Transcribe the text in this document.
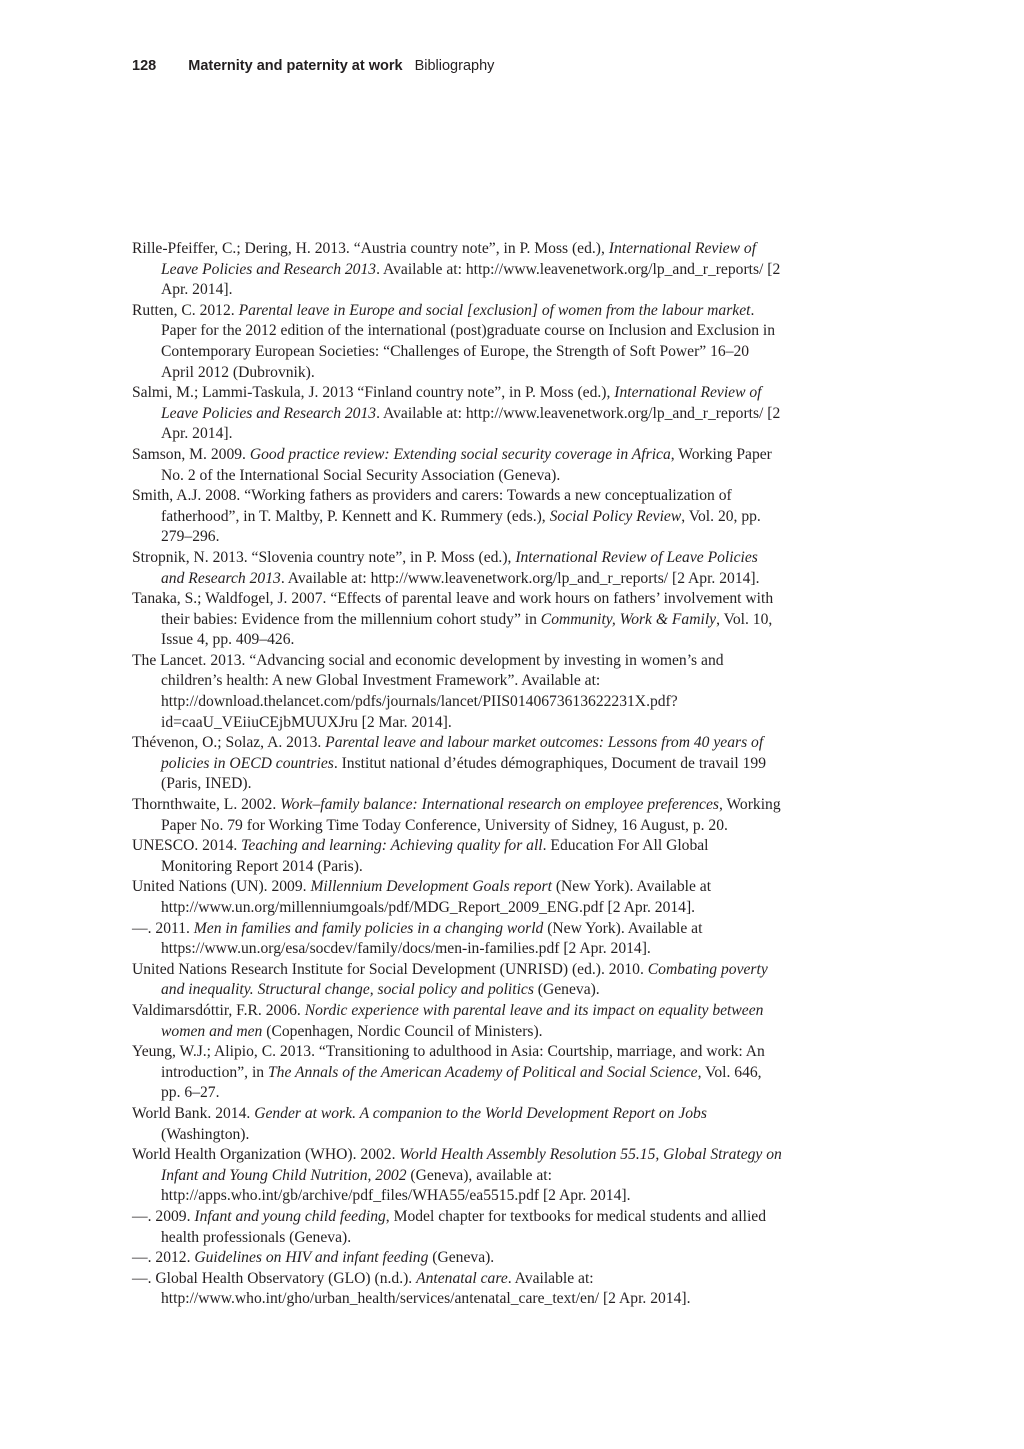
128 Maternity and paternity at work Bibliography

Rille-Pfeiffer, C.; Dering, H. 2013. “Austria country note”, in P. Moss (ed.), International Review of Leave Policies and Research 2013. Available at: http://www.leavenetwork.org/lp_and_r_reports/ [2 Apr. 2014].

Rutten, C. 2012. Parental leave in Europe and social [exclusion] of women from the labour market. Paper for the 2012 edition of the international (post)graduate course on Inclusion and Exclusion in Contemporary European Societies: “Challenges of Europe, the Strength of Soft Power” 16–20 April 2012 (Dubrovnik).

Salmi, M.; Lammi-Taskula, J. 2013 “Finland country note”, in P. Moss (ed.), International Review of Leave Policies and Research 2013. Available at: http://www.leavenetwork.org/lp_and_r_reports/ [2 Apr. 2014].

Samson, M. 2009. Good practice review: Extending social security coverage in Africa, Working Paper No. 2 of the International Social Security Association (Geneva).

Smith, A.J. 2008. “Working fathers as providers and carers: Towards a new conceptualization of fatherhood”, in T. Maltby, P. Kennett and K. Rummery (eds.), Social Policy Review, Vol. 20, pp. 279–296.

Stropnik, N. 2013. “Slovenia country note”, in P. Moss (ed.), International Review of Leave Policies and Research 2013. Available at: http://www.leavenetwork.org/lp_and_r_reports/ [2 Apr. 2014].

Tanaka, S.; Waldfogel, J. 2007. “Effects of parental leave and work hours on fathers’ involvement with their babies: Evidence from the millennium cohort study” in Community, Work & Family, Vol. 10, Issue 4, pp. 409–426.

The Lancet. 2013. “Advancing social and economic development by investing in women’s and children’s health: A new Global Investment Framework”. Available at: http://download.thelancet.com/pdfs/journals/lancet/PIIS0140673613622231X.pdf?id=caaU_VEiiuCEjbMUUXJru [2 Mar. 2014].

Thévenon, O.; Solaz, A. 2013. Parental leave and labour market outcomes: Lessons from 40 years of policies in OECD countries. Institut national d’études démographiques, Document de travail 199 (Paris, INED).

Thornthwaite, L. 2002. Work–family balance: International research on employee preferences, Working Paper No. 79 for Working Time Today Conference, University of Sidney, 16 August, p. 20.

UNESCO. 2014. Teaching and learning: Achieving quality for all. Education For All Global Monitoring Report 2014 (Paris).

United Nations (UN). 2009. Millennium Development Goals report (New York). Available at http://www.un.org/millenniumgoals/pdf/MDG_Report_2009_ENG.pdf [2 Apr. 2014].

—. 2011. Men in families and family policies in a changing world (New York). Available at https://www.un.org/esa/socdev/family/docs/men-in-families.pdf [2 Apr. 2014].

United Nations Research Institute for Social Development (UNRISD) (ed.). 2010. Combating poverty and inequality. Structural change, social policy and politics (Geneva).

Valdimarsdóttir, F.R. 2006. Nordic experience with parental leave and its impact on equality between women and men (Copenhagen, Nordic Council of Ministers).

Yeung, W.J.; Alipio, C. 2013. “Transitioning to adulthood in Asia: Courtship, marriage, and work: An introduction”, in The Annals of the American Academy of Political and Social Science, Vol. 646, pp. 6–27.

World Bank. 2014. Gender at work. A companion to the World Development Report on Jobs (Washington).

World Health Organization (WHO). 2002. World Health Assembly Resolution 55.15, Global Strategy on Infant and Young Child Nutrition, 2002 (Geneva), available at: http://apps.who.int/gb/archive/pdf_files/WHA55/ea5515.pdf [2 Apr. 2014].

—. 2009. Infant and young child feeding, Model chapter for textbooks for medical students and allied health professionals (Geneva).

—. 2012. Guidelines on HIV and infant feeding (Geneva).

—. Global Health Observatory (GLO) (n.d.). Antenatal care. Available at: http://www.who.int/gho/urban_health/services/antenatal_care_text/en/ [2 Apr. 2014].
